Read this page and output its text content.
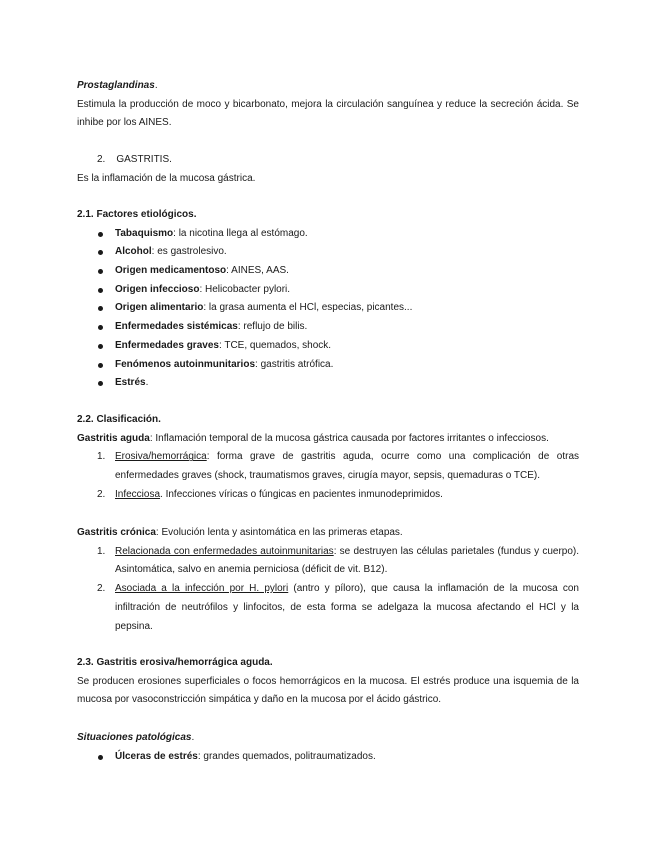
Prostaglandinas.
Estimula la producción de moco y bicarbonato, mejora la circulación sanguínea y reduce la secreción ácida. Se inhibe por los AINES.
2. GASTRITIS.
Es la inflamación de la mucosa gástrica.
2.1. Factores etiológicos.
Tabaquismo: la nicotina llega al estómago.
Alcohol: es gastrolesivo.
Origen medicamentoso: AINES, AAS.
Origen infeccioso: Helicobacter pylori.
Origen alimentario: la grasa aumenta el HCl, especias, picantes...
Enfermedades sistémicas: reflujo de bilis.
Enfermedades graves: TCE, quemados, shock.
Fenómenos autoinmunitarios: gastritis atrófica.
Estrés.
2.2. Clasificación.
Gastritis aguda: Inflamación temporal de la mucosa gástrica causada por factores irritantes o infecciosos.
1. Erosiva/hemorrágica: forma grave de gastritis aguda, ocurre como una complicación de otras enfermedades graves (shock, traumatismos graves, cirugía mayor, sepsis, quemaduras o TCE).
2. Infecciosa. Infecciones víricas o fúngicas en pacientes inmunodeprimidos.
Gastritis crónica: Evolución lenta y asintomática en las primeras etapas.
1. Relacionada con enfermedades autoinmunitarias: se destruyen las células parietales (fundus y cuerpo). Asintomática, salvo en anemia perniciosa (déficit de vit. B12).
2. Asociada a la infección por H. pylori (antro y píloro), que causa la inflamación de la mucosa con infiltración de neutrófilos y linfocitos, de esta forma se adelgaza la mucosa afectando el HCl y la pepsina.
2.3. Gastritis erosiva/hemorrágica aguda.
Se producen erosiones superficiales o focos hemorrágicos en la mucosa. El estrés produce una isquemia de la mucosa por vasoconstricción simpática y daño en la mucosa por el ácido gástrico.
Situaciones patológicas.
Úlceras de estrés: grandes quemados, politraumatizados.
